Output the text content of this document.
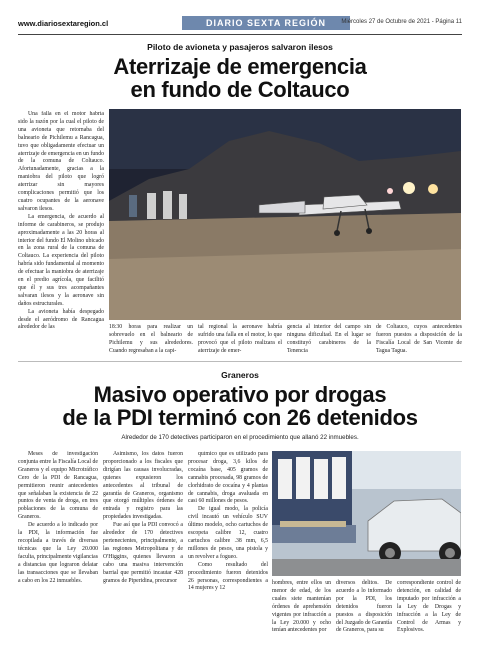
www.diariosextaregion.cl	DIARIO SEXTA REGIÓN	Miércoles 27 de Octubre de 2021 - Página 11
Piloto de avioneta y pasajeros salvaron ilesos
Aterrizaje de emergencia
en fundo de Coltauco

Una falla en el motor habría sido la razón por la cual el piloto de una avioneta que retornaba del balneario de Pichilemu a Rancagua, tuvo que obligadamente efectuar un aterrizaje de emergencia en un fundo de la comuna de Coltauco. Afortunadamente, gracias a la maniobra del piloto que logró aterrizar sin mayores complicaciones permitió que los cuatro ocupantes de la aeronave salvaron ilesos.

La emergencia, de acuerdo al informe de carabineros, se produjo aproximadamente a las 20 horas al interior del fundo El Molino ubicado en la zona rural de la comuna de Coltauco. La experiencia del piloto habría sido fundamental al momento de efectuar la maniobra de aterrizaje en el predio agrícola, que facilitó que él y sus tres acompañantes salvaran ilesos y la aeronave sin daños estructurales.

La avioneta había despegado desde el aeródromo de Rancagua alrededor de las	18:30 horas para realizar un sobrevuelo en el balneario de Pichilemu y sus alrededores. Cuando regresaban a la capi-
tal regional la aeronave habría sufrido una falla en el motor, lo que provocó que el piloto realizara el aterrizaje de emer-
gencia al interior del campo sin ninguna dificultad. En el lugar se constituyó carabineros de la Tenencia
de Coltauco, cuyos antecedentes fueron puestos a disposición de la Fiscalía Local de San Vicente de Tagua Tagua.
Graneros
Masivo operativo por drogas
de la PDI terminó con 26 detenidos
Alrededor de 170 detectives participaron en el procedimiento que allanó 22 inmuebles.

Meses de investigación conjunta entre la Fiscalía Local de Graneros y el equipo Microtráfico Cero de la PDI de Rancagua, permitieron reunir antecedentes que señalaban la existencia de 22 puntos de venta de droga, en tres poblaciones de la comuna de Graneros.

De acuerdo a lo indicado por la PDI, la información fue recopilada a través de diversas técnicas que la Ley 20.000 faculta, principalmente vigilancias a distancias que lograron delatar las transacciones que se llevaban a cabo en los 22 inmuebles.

Asimismo, los datos fueron proporcionado a los fiscales que dirigían las causas involucradas, quienes expusieron los antecedentes al tribunal de garantía de Graneros, organismo que otorgó múltiples órdenes de entrada y registro para las propiedades investigadas.

Fue así que la PDI convocó a alrededor de 170 detectives pertenecientes, principalmente, a las regiones Metropolitana y de O'Higgins, quienes llevaron a cabo una masiva intervención barrial que permitió incautar 428 gramos de Piperidina, precursor

químico que es utilizado para procesar droga, 3,6 kilos de cocaína base, 405 gramos de cannabis procesada, 98 gramos de clorhidrato de cocaína y 4 plantas de cannabis, droga avaluada en casi 60 millones de pesos.

De igual modo, la policía civil incautó un vehículo SUV último modelo, ocho cartuchos de escopeta calibre 12, cuatro cartuchos calibre .38 mm, 6,5 millones de pesos, una pistola y un revolver a fogueo.

Como resultado del procedimiento fueron detenidos 26 personas, correspondientes a 14 mujeres y 12

hombres, entre ellos un menor de edad, de los cuales siete mantenían órdenes de aprehensión vigentes por infracción a la Ley 20.000 y ocho tenían antecedentes por
diversos delitos. De acuerdo a lo informado por la PDI, los detenidos fueron puestos a disposición del Juzgado de Garantía de Graneros, para su
correspondiente control de detención, en calidad de imputado por infracción a la Ley de Drogas y infracción a la Ley de Control de Armas y Explosivos.
